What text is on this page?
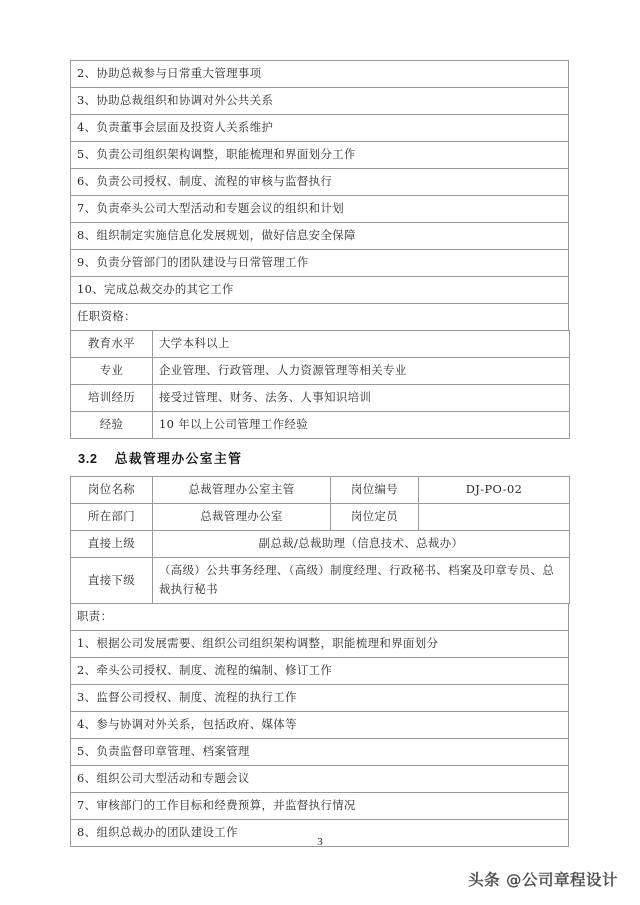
2、协助总裁参与日常重大管理事项
3、协助总裁组织和协调对外公共关系
4、负责董事会层面及投资人关系维护
5、负责公司组织架构调整，职能梳理和界面划分工作
6、负责公司授权、制度、流程的审核与监督执行
7、负责牵头公司大型活动和专题会议的组织和计划
8、组织制定实施信息化发展规划，做好信息安全保障
9、负责分管部门的团队建设与日常管理工作
10、完成总裁交办的其它工作
任职资格：
教育水平	大学本科以上
专业	企业管理、行政管理、人力资源管理等相关专业
培训经历	接受过管理、财务、法务、人事知识培训
经验	10 年以上公司管理工作经验
3.2 总裁管理办公室主管
岗位名称	总裁管理办公室主管	岗位编号	DJ-PO-02
所在部门	总裁管理办公室	岗位定员	
直接上级	副总裁/总裁助理（信息技术、总裁办）		
直接下级	（高级）公共事务经理、（高级）制度经理、行政秘书、档案及印章专员、总裁执行秘书		
职责：
1、根据公司发展需要、组织公司组织架构调整，职能梳理和界面划分
2、牵头公司授权、制度、流程的编制、修订工作
3、监督公司授权、制度、流程的执行工作
4、参与协调对外关系，包括政府、媒体等
5、负责监督印章管理、档案管理
6、组织公司大型活动和专题会议
7、审核部门的工作目标和经费预算，并监督执行情况
8、组织总裁办的团队建设工作
3
头条 @公司章程设计
